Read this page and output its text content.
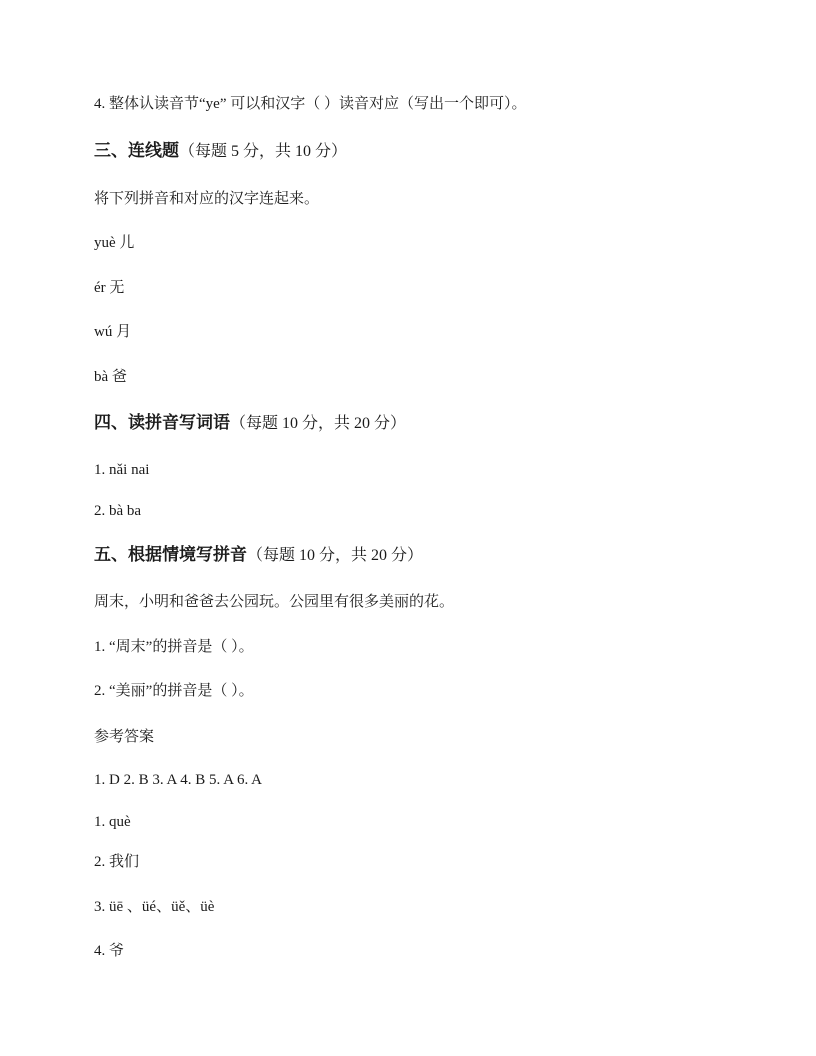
4. 整体认读音节“ye” 可以和汉字（ ）读音对应（写出一个即可）。
三、连线题（每题 5 分，共 10 分）
将下列拼音和对应的汉字连起来。
yuè 儿
ér 无
wú 月
bà 爸
四、读拼音写词语（每题 10 分，共 20 分）
1. nǎi nai
2. bà ba
五、根据情境写拼音（每题 10 分，共 20 分）
周末，小明和爸爸去公园玩。公园里有很多美丽的花。
1. “周末”的拼音是（ ）。
2. “美丽”的拼音是（ ）。
参考答案
1. D 2. B 3. A 4. B 5. A 6. A
1. què
2. 我们
3. üē 、üé、üě、üè
4. 爷
